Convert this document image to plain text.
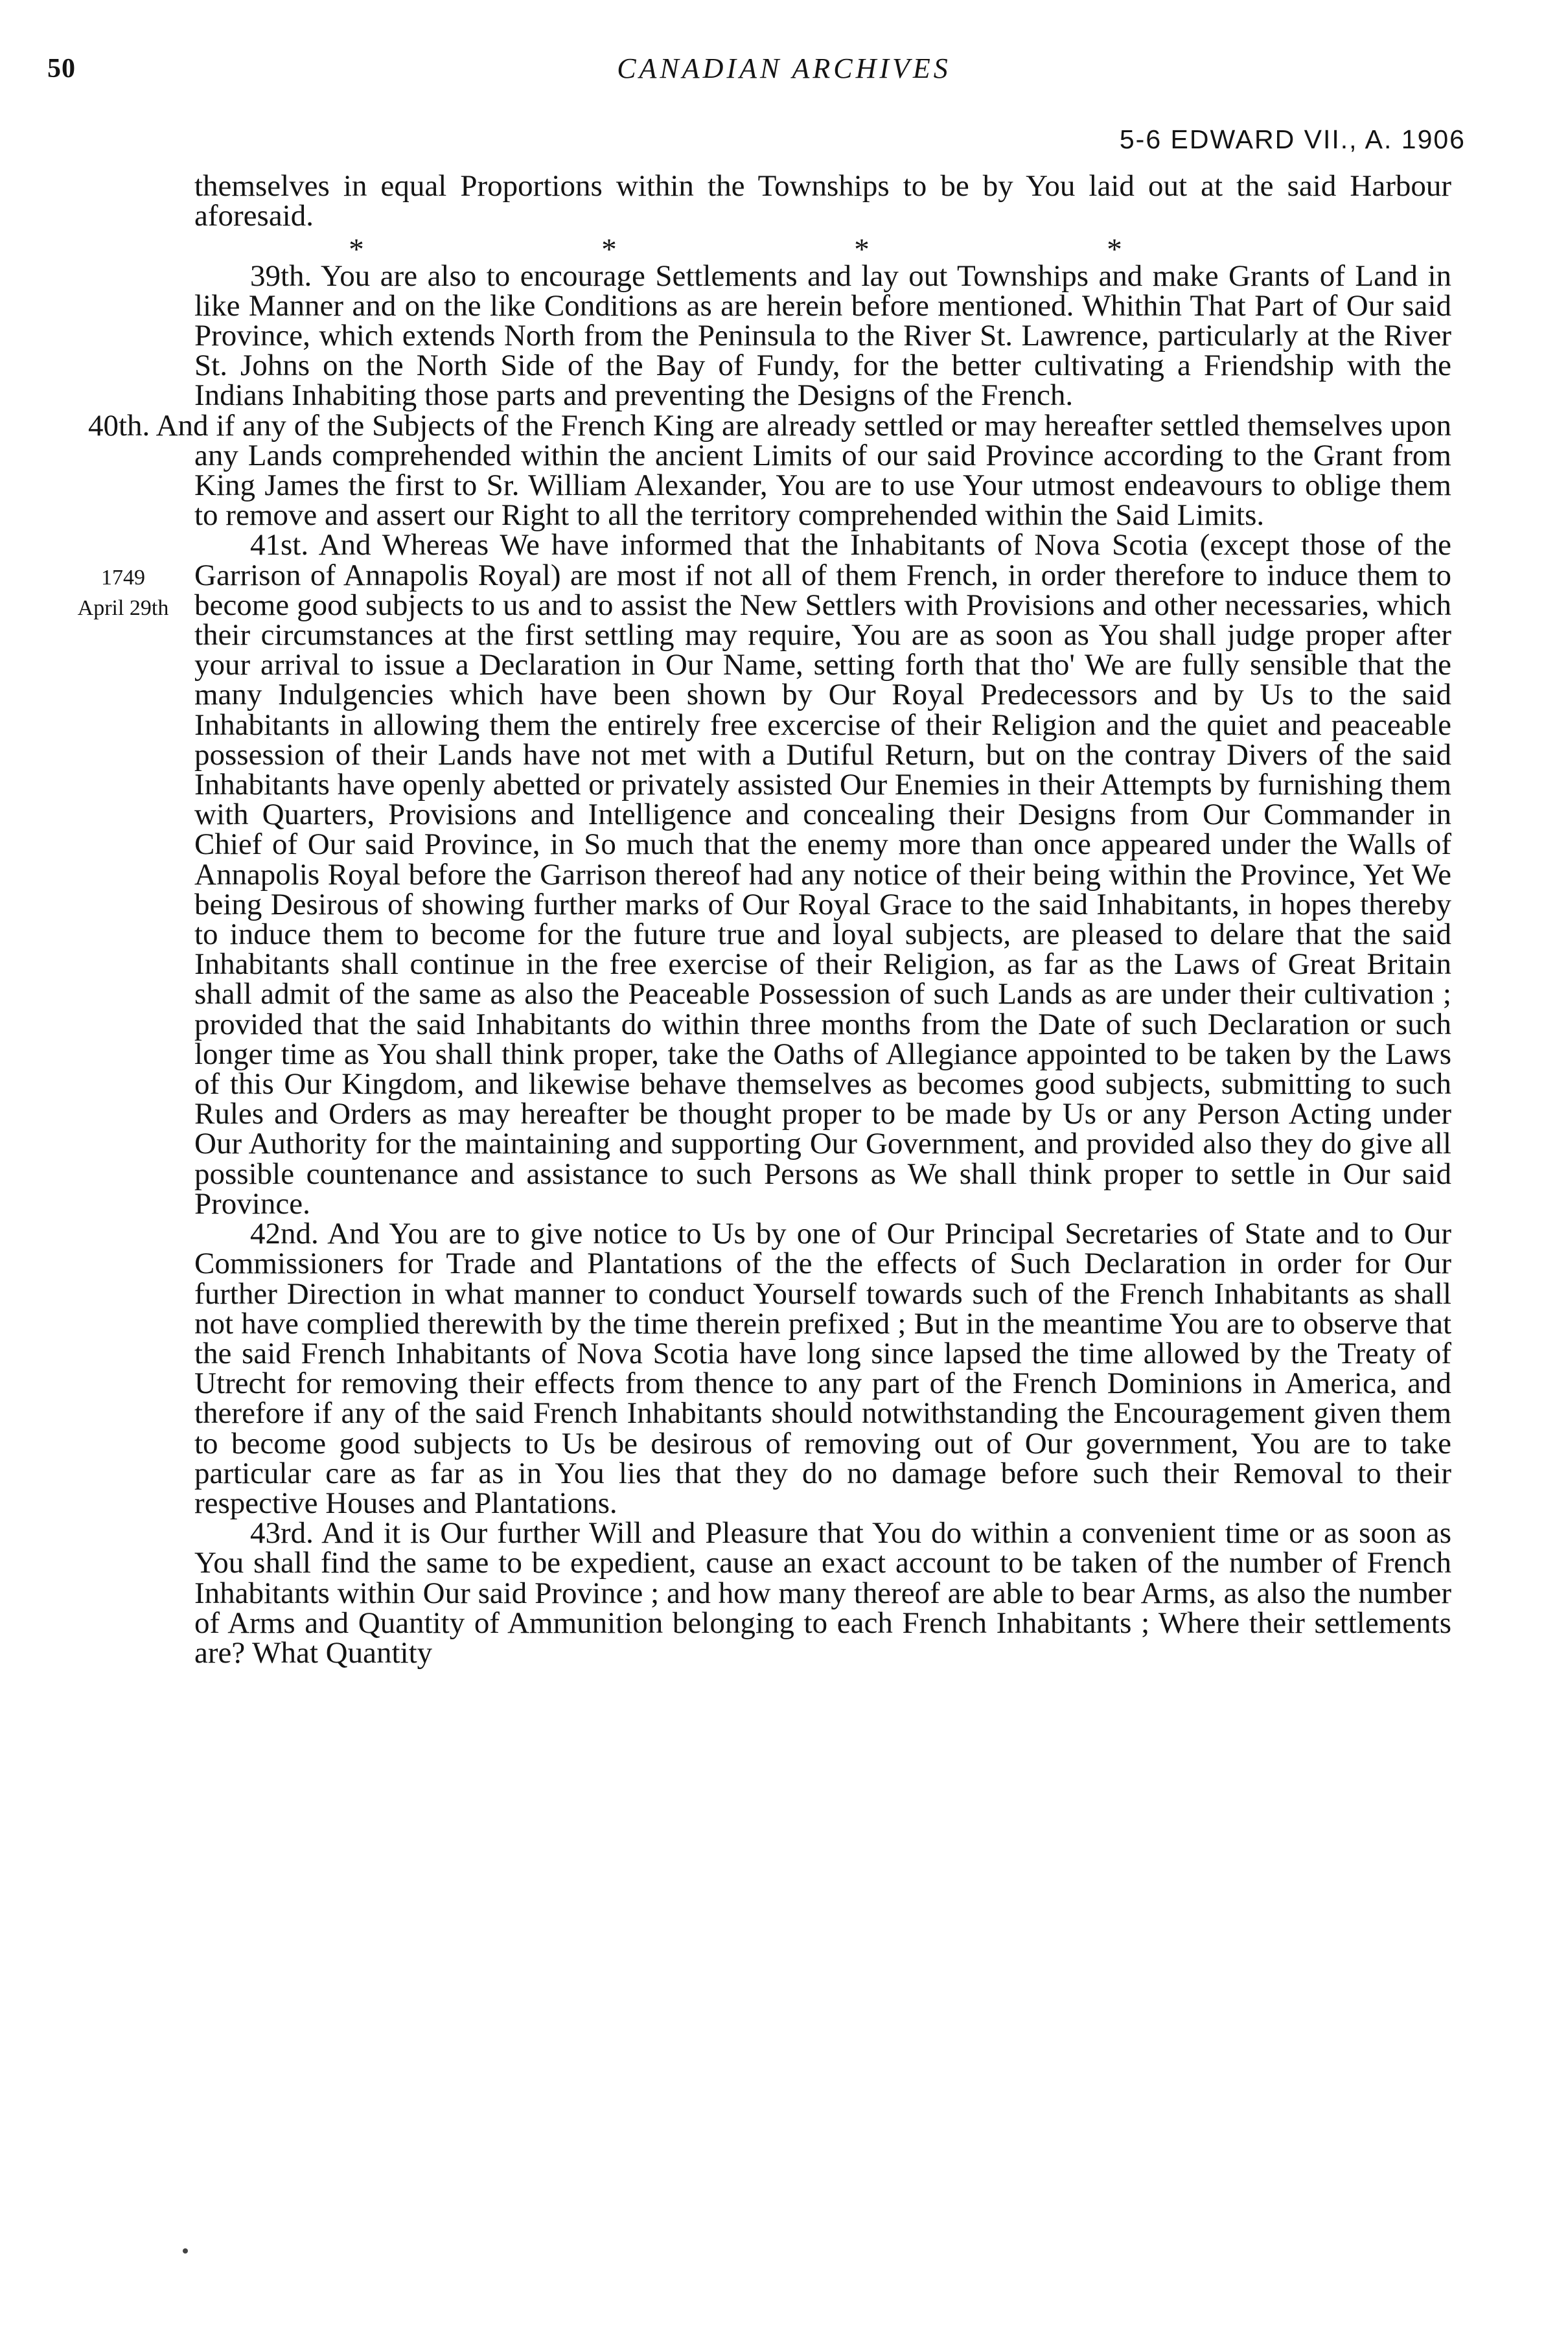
50	CANADIAN ARCHIVES
5-6 EDWARD VII., A. 1906
1749
April 29th

themselves in equal Proportions within the Townships to be by You laid out at the said Harbour aforesaid.

*	*	*	*

39th. You are also to encourage Settlements and lay out Townships and make Grants of Land in like Manner and on the like Conditions as are herein before mentioned. Whithin That Part of Our said Province, which extends North from the Peninsula to the River St. Lawrence, particularly at the River St. Johns on the North Side of the Bay of Fundy, for the better cultivating a Friendship with the Indians Inhabiting those parts and preventing the Designs of the French.

40th. And if any of the Subjects of the French King are already settled or may hereafter settled themselves upon any Lands comprehended within the ancient Limits of our said Province according to the Grant from King James the first to Sr. William Alexander, You are to use Your utmost endeavours to oblige them to remove and assert our Right to all the territory comprehended within the Said Limits.

41st. And Whereas We have informed that the Inhabitants of Nova Scotia (except those of the Garrison of Annapolis Royal) are most if not all of them French, in order therefore to induce them to become good subjects to us and to assist the New Settlers with Provisions and other necessaries, which their circumstances at the first settling may require, You are as soon as You shall judge proper after your arrival to issue a Declaration in Our Name, setting forth that tho' We are fully sensible that the many Indulgencies which have been shown by Our Royal Predecessors and by Us to the said Inhabitants in allowing them the entirely free excercise of their Religion and the quiet and peaceable possession of their Lands have not met with a Dutiful Return, but on the contray Divers of the said Inhabitants have openly abetted or privately assisted Our Enemies in their Attempts by furnishing them with Quarters, Provisions and Intelligence and concealing their Designs from Our Commander in Chief of Our said Province, in So much that the enemy more than once appeared under the Walls of Annapolis Royal before the Garrison thereof had any notice of their being within the Province, Yet We being Desirous of showing further marks of Our Royal Grace to the said Inhabitants, in hopes thereby to induce them to become for the future true and loyal subjects, are pleased to delare that the said Inhabitants shall continue in the free exercise of their Religion, as far as the Laws of Great Britain shall admit of the same as also the Peaceable Possession of such Lands as are under their cultivation ; provided that the said Inhabitants do within three months from the Date of such Declaration or such longer time as You shall think proper, take the Oaths of Allegiance appointed to be taken by the Laws of this Our Kingdom, and likewise behave themselves as becomes good subjects, submitting to such Rules and Orders as may hereafter be thought proper to be made by Us or any Person Acting under Our Authority for the maintaining and supporting Our Government, and provided also they do give all possible countenance and assistance to such Persons as We shall think proper to settle in Our said Province.

42nd. And You are to give notice to Us by one of Our Principal Secretaries of State and to Our Commissioners for Trade and Plantations of the the effects of Such Declaration in order for Our further Direction in what manner to conduct Yourself towards such of the French Inhabitants as shall not have complied therewith by the time therein prefixed ; But in the meantime You are to observe that the said French Inhabitants of Nova Scotia have long since lapsed the time allowed by the Treaty of Utrecht for removing their effects from thence to any part of the French Dominions in America, and therefore if any of the said French Inhabitants should notwithstanding the Encouragement given them to become good subjects to Us be desirous of removing out of Our government, You are to take particular care as far as in You lies that they do no damage before such their Removal to their respective Houses and Plantations.

43rd. And it is Our further Will and Pleasure that You do within a convenient time or as soon as You shall find the same to be expedient, cause an exact account to be taken of the number of French Inhabitants within Our said Province ; and how many thereof are able to bear Arms, as also the number of Arms and Quantity of Ammunition belonging to each French Inhabitants ; Where their settlements are? What Quantity
